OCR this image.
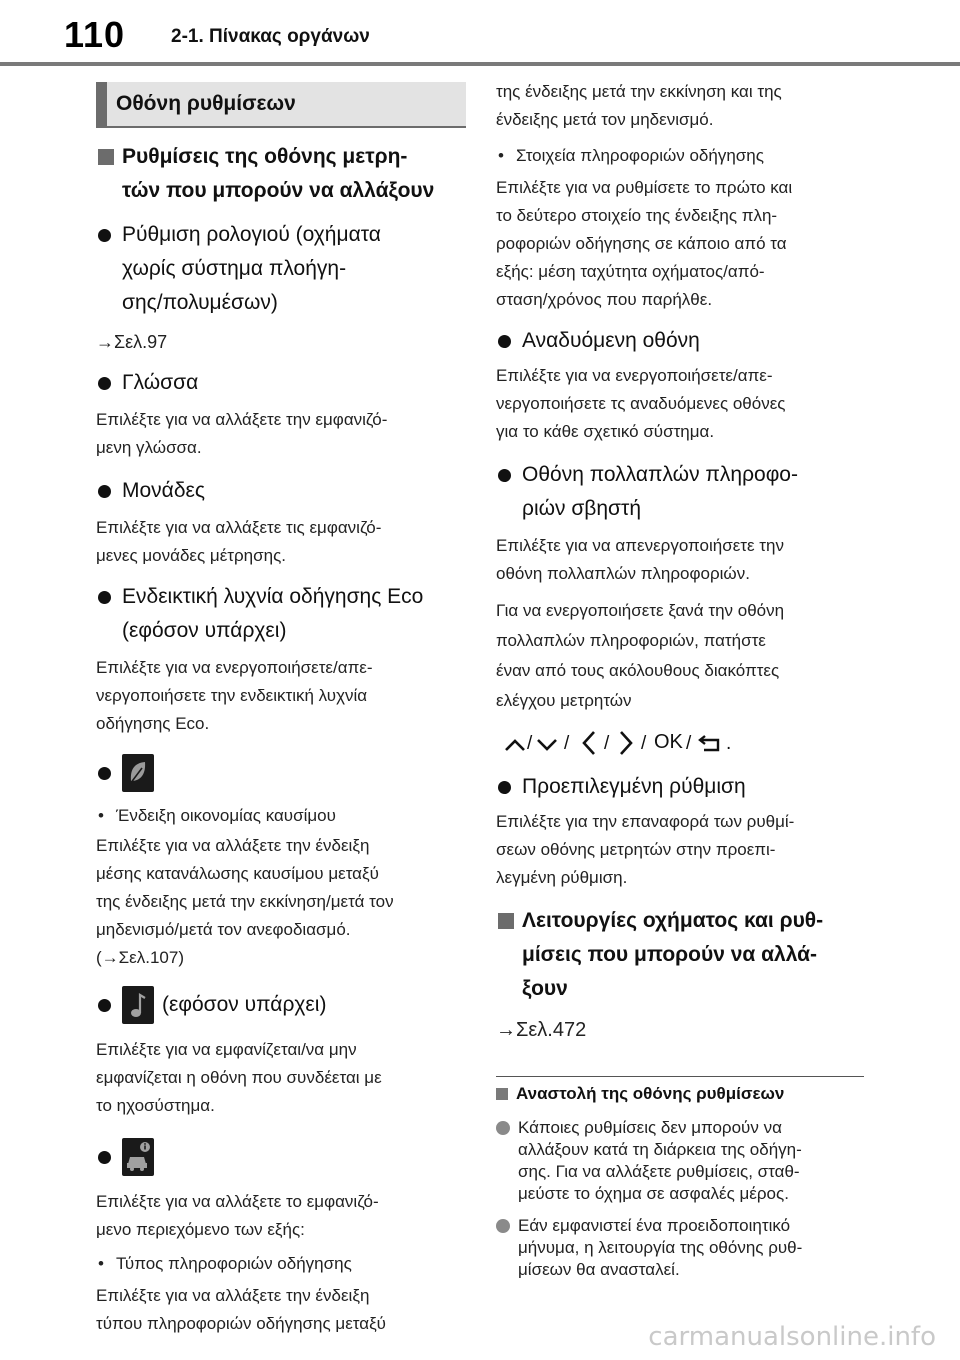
110 2-1. Πίνακας οργάνων
Οθόνη ρυθμίσεων
Ρυθμίσεις της οθόνης μετρη-
τών που μπορούν να αλλάξουν
Ρύθμιση ρολογιού (οχήματα
χωρίς σύστημα πλοήγη-
σης/πολυμέσων)
→Σελ.97
Γλώσσα
Επιλέξτε για να αλλάξετε την εμφανιζό-
μενη γλώσσα.
Μονάδες
Επιλέξτε για να αλλάξετε τις εμφανιζό-
μενες μονάδες μέτρησης.
Ενδεικτική λυχνία οδήγησης Eco
(εφόσον υπάρχει)
Επιλέξτε για να ενεργοποιήσετε/απε-
νεργοποιήσετε την ενδεικτική λυχνία
οδήγησης Eco.
• Ένδειξη οικονομίας καυσίμου
Επιλέξτε για να αλλάξετε την ένδειξη
μέσης κατανάλωσης καυσίμου μεταξύ
της ένδειξης μετά την εκκίνηση/μετά τον
μηδενισμό/μετά τον ανεφοδιασμό.
(→Σελ.107)
(εφόσον υπάρχει)
Επιλέξτε για να εμφανίζεται/να μην
εμφανίζεται η οθόνη που συνδέεται με
το ηχοσύστημα.
Επιλέξτε για να αλλάξετε το εμφανιζό-
μενο περιεχόμενο των εξής:
• Τύπος πληροφοριών οδήγησης
Επιλέξτε για να αλλάξετε την ένδειξη
τύπου πληροφοριών οδήγησης μεταξύ
της ένδειξης μετά την εκκίνηση και της
ένδειξης μετά τον μηδενισμό.
• Στοιχεία πληροφοριών οδήγησης
Επιλέξτε για να ρυθμίσετε το πρώτο και
το δεύτερο στοιχείο της ένδειξης πλη-
ροφοριών οδήγησης σε κάποιο από τα
εξής: μέση ταχύτητα οχήματος/από-
σταση/χρόνος που παρήλθε.
Αναδυόμενη οθόνη
Επιλέξτε για να ενεργοποιήσετε/απε-
νεργοποιήσετε τς αναδυόμενες οθόνες
για το κάθε σχετικό σύστημα.
Οθόνη πολλαπλών πληροφο-
ριών σβηστή
Επιλέξτε για να απενεργοποιήσετε την
οθόνη πολλαπλών πληροφοριών.
Για να ενεργοποιήσετε ξανά την οθόνη
πολλαπλών πληροφοριών, πατήστε
έναν από τους ακόλουθους διακόπτες
ελέγχου μετρητών
/ / / / OK / .
Προεπιλεγμένη ρύθμιση
Επιλέξτε για την επαναφορά των ρυθμί-
σεων οθόνης μετρητών στην προεπι-
λεγμένη ρύθμιση.
Λειτουργίες οχήματος και ρυθ-
μίσεις που μπορούν να αλλά-
ξουν
→Σελ.472
Αναστολή της οθόνης ρυθμίσεων
Κάποιες ρυθμίσεις δεν μπορούν να
αλλάξουν κατά τη διάρκεια της οδήγη-
σης. Για να αλλάξετε ρυθμίσεις, σταθ-
μεύστε το όχημα σε ασφαλές μέρος.
Εάν εμφανιστεί ένα προειδοποιητικό
μήνυμα, η λειτουργία της οθόνης ρυθ-
μίσεων θα ανασταλεί.
carmanualsonline.info
